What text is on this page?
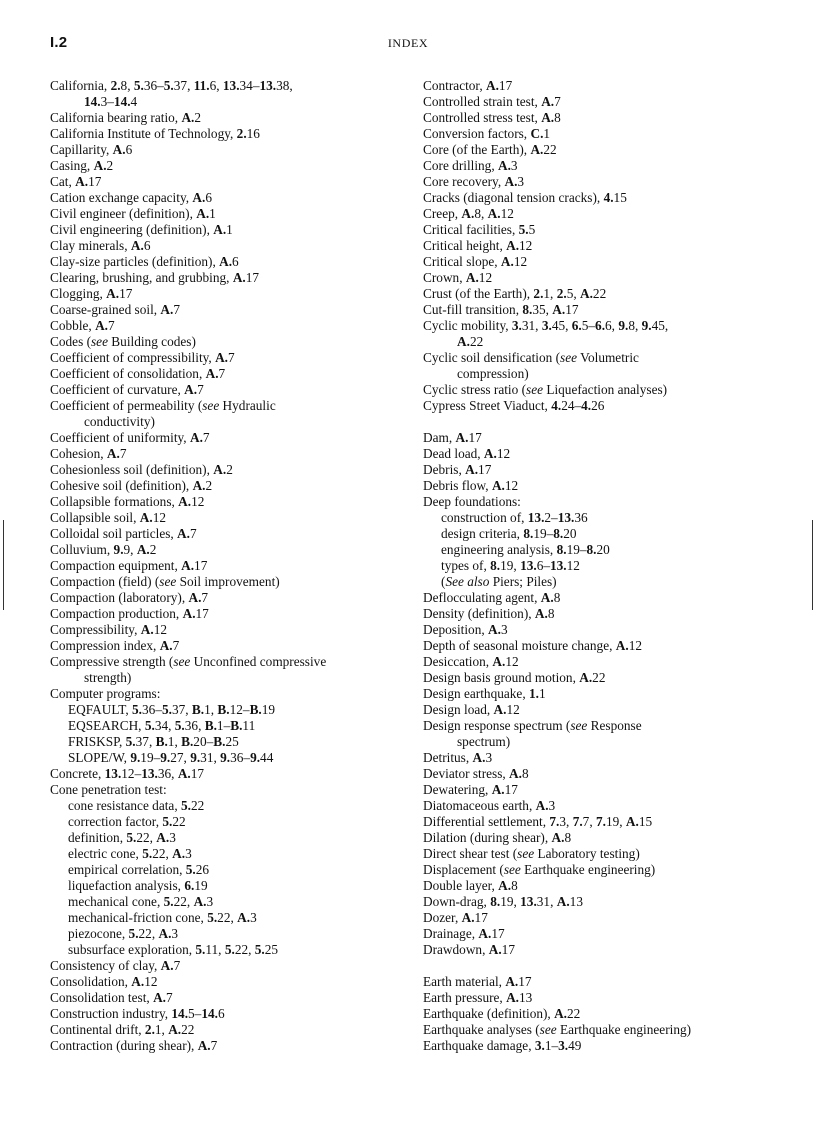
I.2	INDEX
California, 2.8, 5.36–5.37, 11.6, 13.34–13.38,
14.3–14.4
California bearing ratio, A.2
California Institute of Technology, 2.16
Capillarity, A.6
Casing, A.2
Cat, A.17
Cation exchange capacity, A.6
Civil engineer (definition), A.1
Civil engineering (definition), A.1
Clay minerals, A.6
Clay-size particles (definition), A.6
Clearing, brushing, and grubbing, A.17
Clogging, A.17
Coarse-grained soil, A.7
Cobble, A.7
Codes (see Building codes)
Coefficient of compressibility, A.7
Coefficient of consolidation, A.7
Coefficient of curvature, A.7
Coefficient of permeability (see Hydraulic
conductivity)
Coefficient of uniformity, A.7
Cohesion, A.7
Cohesionless soil (definition), A.2
Cohesive soil (definition), A.2
Collapsible formations, A.12
Collapsible soil, A.12
Colloidal soil particles, A.7
Colluvium, 9.9, A.2
Compaction equipment, A.17
Compaction (field) (see Soil improvement)
Compaction (laboratory), A.7
Compaction production, A.17
Compressibility, A.12
Compression index, A.7
Compressive strength (see Unconfined compressive
strength)
Computer programs:
EQFAULT, 5.36–5.37, B.1, B.12–B.19
EQSEARCH, 5.34, 5.36, B.1–B.11
FRISKSP, 5.37, B.1, B.20–B.25
SLOPE/W, 9.19–9.27, 9.31, 9.36–9.44
Concrete, 13.12–13.36, A.17
Cone penetration test:
cone resistance data, 5.22
correction factor, 5.22
definition, 5.22, A.3
electric cone, 5.22, A.3
empirical correlation, 5.26
liquefaction analysis, 6.19
mechanical cone, 5.22, A.3
mechanical-friction cone, 5.22, A.3
piezocone, 5.22, A.3
subsurface exploration, 5.11, 5.22, 5.25
Consistency of clay, A.7
Consolidation, A.12
Consolidation test, A.7
Construction industry, 14.5–14.6
Continental drift, 2.1, A.22
Contraction (during shear), A.7
Contractor, A.17
Controlled strain test, A.7
Controlled stress test, A.8
Conversion factors, C.1
Core (of the Earth), A.22
Core drilling, A.3
Core recovery, A.3
Cracks (diagonal tension cracks), 4.15
Creep, A.8, A.12
Critical facilities, 5.5
Critical height, A.12
Critical slope, A.12
Crown, A.12
Crust (of the Earth), 2.1, 2.5, A.22
Cut-fill transition, 8.35, A.17
Cyclic mobility, 3.31, 3.45, 6.5–6.6, 9.8, 9.45,
A.22
Cyclic soil densification (see Volumetric
compression)
Cyclic stress ratio (see Liquefaction analyses)
Cypress Street Viaduct, 4.24–4.26
Dam, A.17
Dead load, A.12
Debris, A.17
Debris flow, A.12
Deep foundations:
construction of, 13.2–13.36
design criteria, 8.19–8.20
engineering analysis, 8.19–8.20
types of, 8.19, 13.6–13.12
(See also Piers; Piles)
Deflocculating agent, A.8
Density (definition), A.8
Deposition, A.3
Depth of seasonal moisture change, A.12
Desiccation, A.12
Design basis ground motion, A.22
Design earthquake, 1.1
Design load, A.12
Design response spectrum (see Response
spectrum)
Detritus, A.3
Deviator stress, A.8
Dewatering, A.17
Diatomaceous earth, A.3
Differential settlement, 7.3, 7.7, 7.19, A.15
Dilation (during shear), A.8
Direct shear test (see Laboratory testing)
Displacement (see Earthquake engineering)
Double layer, A.8
Down-drag, 8.19, 13.31, A.13
Dozer, A.17
Drainage, A.17
Drawdown, A.17
Earth material, A.17
Earth pressure, A.13
Earthquake (definition), A.22
Earthquake analyses (see Earthquake engineering)
Earthquake damage, 3.1–3.49
